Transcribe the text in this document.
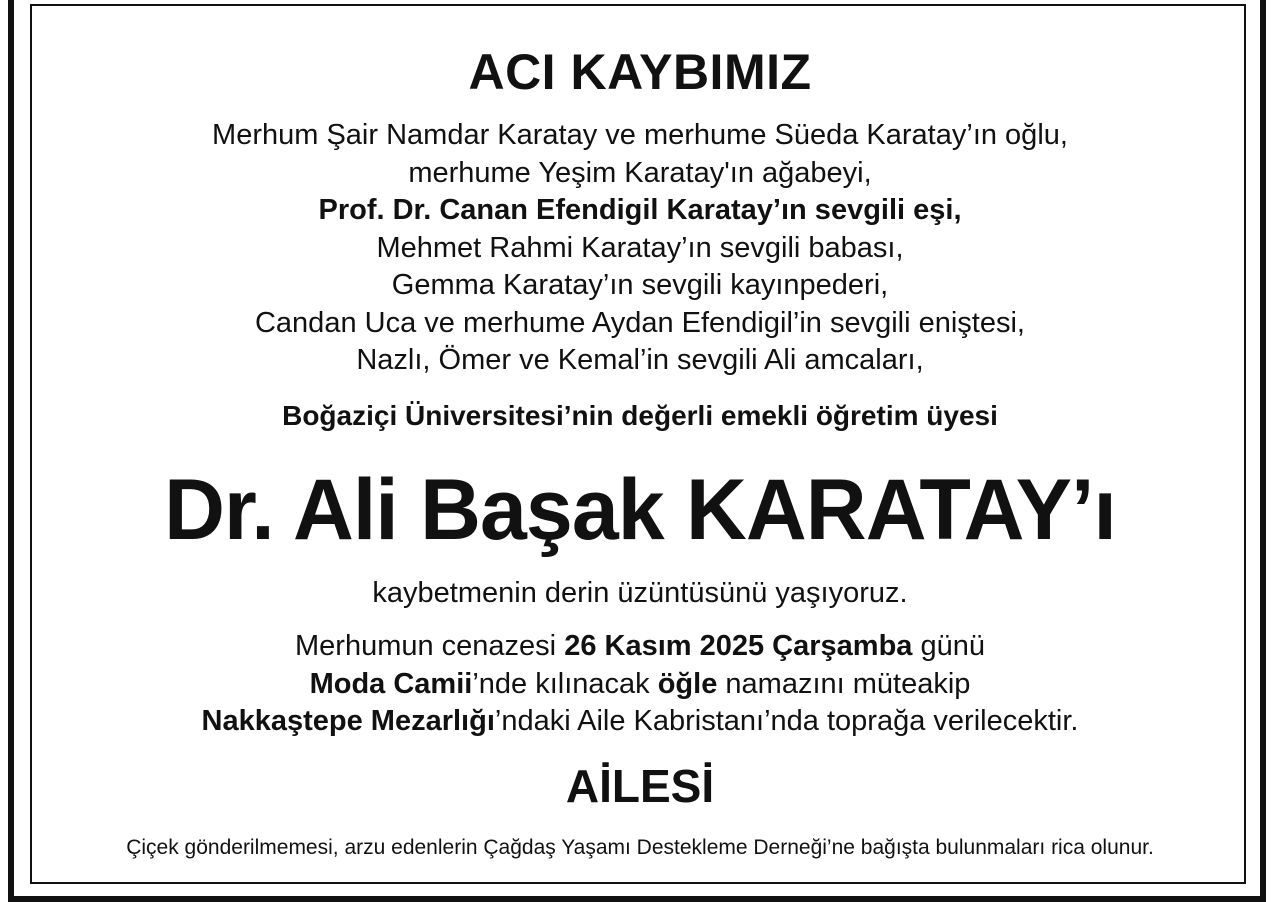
ACI KAYBIMIZ
Merhum Şair Namdar Karatay ve merhume Süeda Karatay’ın oğlu,
merhume Yeşim Karatay'ın ağabeyi,
Prof. Dr. Canan Efendigil Karatay’ın sevgili eşi,
Mehmet Rahmi Karatay’ın sevgili babası,
Gemma Karatay’ın sevgili kayınpederi,
Candan Uca ve merhume Aydan Efendigil’in sevgili eniştesi,
Nazlı, Ömer ve Kemal’in sevgili Ali amcaları,
Boğaziçi Üniversitesi’nin değerli emekli öğretim üyesi
Dr. Ali Başak KARATAY’ı
kaybetmenin derin üzüntüsünü yaşıyoruz.
Merhumun cenazesi 26 Kasım 2025 Çarşamba günü
Moda Camii’nde kılınacak öğle namazını müteakip
Nakkaştepe Mezarlığı’ndaki Aile Kabristanı’nda toprağa verilecektir.
AİLESİ
Çiçek gönderilmemesi, arzu edenlerin Çağdaş Yaşamı Destekleme Derneği’ne bağışta bulunmaları rica olunur.
